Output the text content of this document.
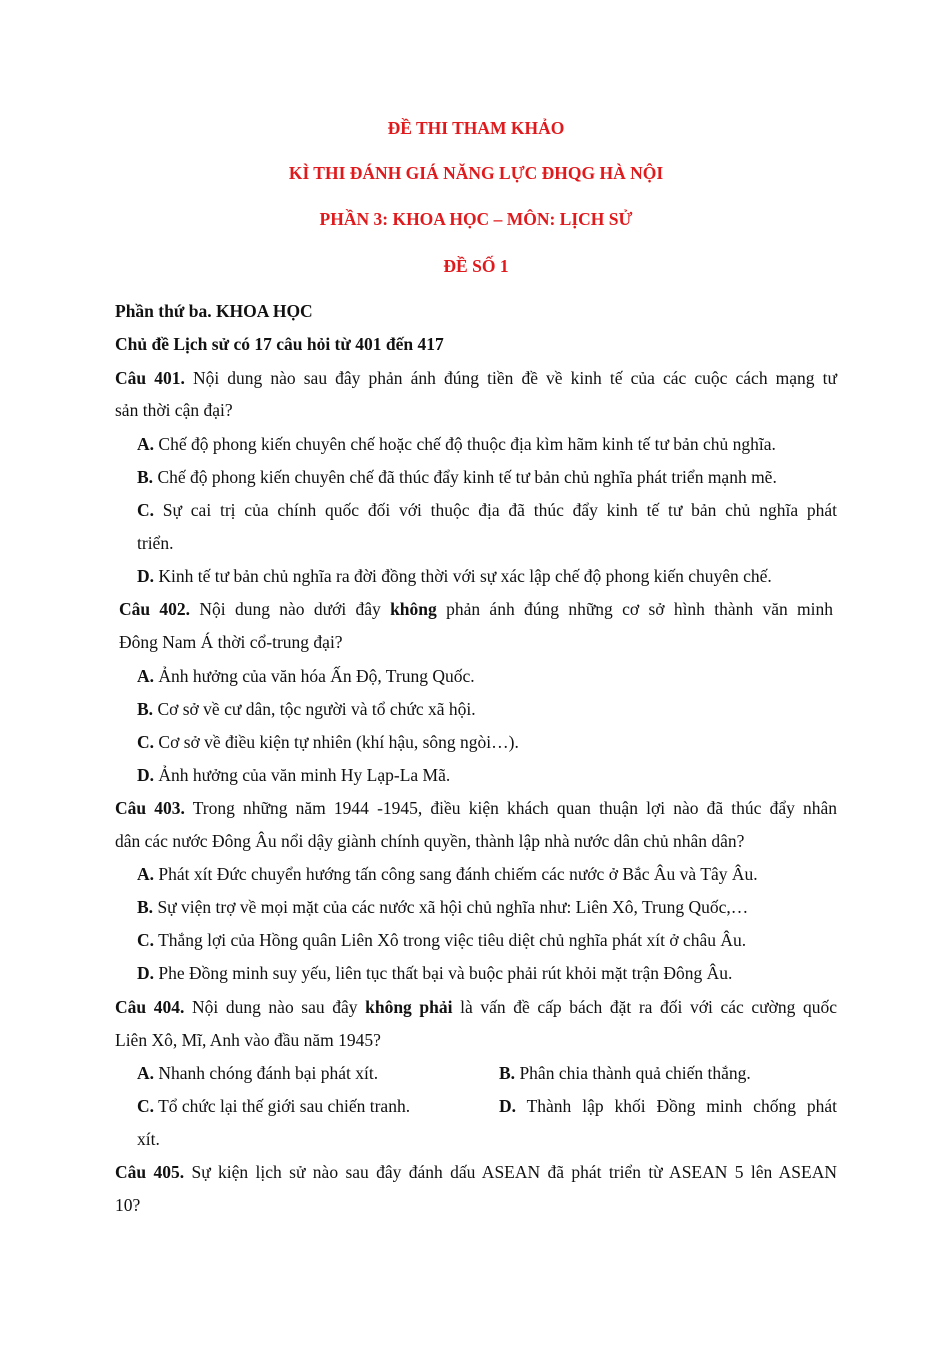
ĐỀ THI THAM KHẢO
KÌ THI ĐÁNH GIÁ NĂNG LỰC ĐHQG HÀ NỘI
PHẦN 3: KHOA HỌC – MÔN: LỊCH SỬ
ĐỀ SỐ 1
Phần thứ ba. KHOA HỌC
Chủ đề Lịch sử có 17 câu hỏi từ 401 đến 417
Câu 401. Nội dung nào sau đây phản ánh đúng tiền đề về kinh tế của các cuộc cách mạng tư
sản thời cận đại?
A. Chế độ phong kiến chuyên chế hoặc chế độ thuộc địa kìm hãm kinh tế tư bản chủ nghĩa.
B. Chế độ phong kiến chuyên chế đã thúc đẩy kinh tế tư bản chủ nghĩa phát triển mạnh mẽ.
C. Sự cai trị của chính quốc đối với thuộc địa đã thúc đẩy kinh tế tư bản chủ nghĩa phát
triển.
D. Kinh tế tư bản chủ nghĩa ra đời đồng thời với sự xác lập chế độ phong kiến chuyên chế.
Câu 402. Nội dung nào dưới đây không phản ánh đúng những cơ sở hình thành văn minh
Đông Nam Á thời cổ-trung đại?
A. Ảnh hưởng của văn hóa Ấn Độ, Trung Quốc.
B. Cơ sở về cư dân, tộc người và tổ chức xã hội.
C. Cơ sở về điều kiện tự nhiên (khí hậu, sông ngòi…).
D. Ảnh hưởng của văn minh Hy Lạp-La Mã.
Câu 403. Trong những năm 1944 -1945, điều kiện khách quan thuận lợi nào đã thúc đẩy nhân
dân các nước Đông Âu nổi dậy giành chính quyền, thành lập nhà nước dân chủ nhân dân?
A. Phát xít Đức chuyển hướng tấn công sang đánh chiếm các nước ở Bắc Âu và Tây Âu.
B. Sự viện trợ về mọi mặt của các nước xã hội chủ nghĩa như: Liên Xô, Trung Quốc,…
C. Thắng lợi của Hồng quân Liên Xô trong việc tiêu diệt chủ nghĩa phát xít ở châu Âu.
D. Phe Đồng minh suy yếu, liên tục thất bại và buộc phải rút khỏi mặt trận Đông Âu.
Câu 404. Nội dung nào sau đây không phải là vấn đề cấp bách đặt ra đối với các cường quốc
Liên Xô, Mĩ, Anh vào đầu năm 1945?
A. Nhanh chóng đánh bại phát xít.	B. Phân chia thành quả chiến thắng.
C. Tổ chức lại thế giới sau chiến tranh.	D. Thành lập khối Đồng minh chống phát
xít.
Câu 405. Sự kiện lịch sử nào sau đây đánh dấu ASEAN đã phát triển từ ASEAN 5 lên ASEAN
10?
